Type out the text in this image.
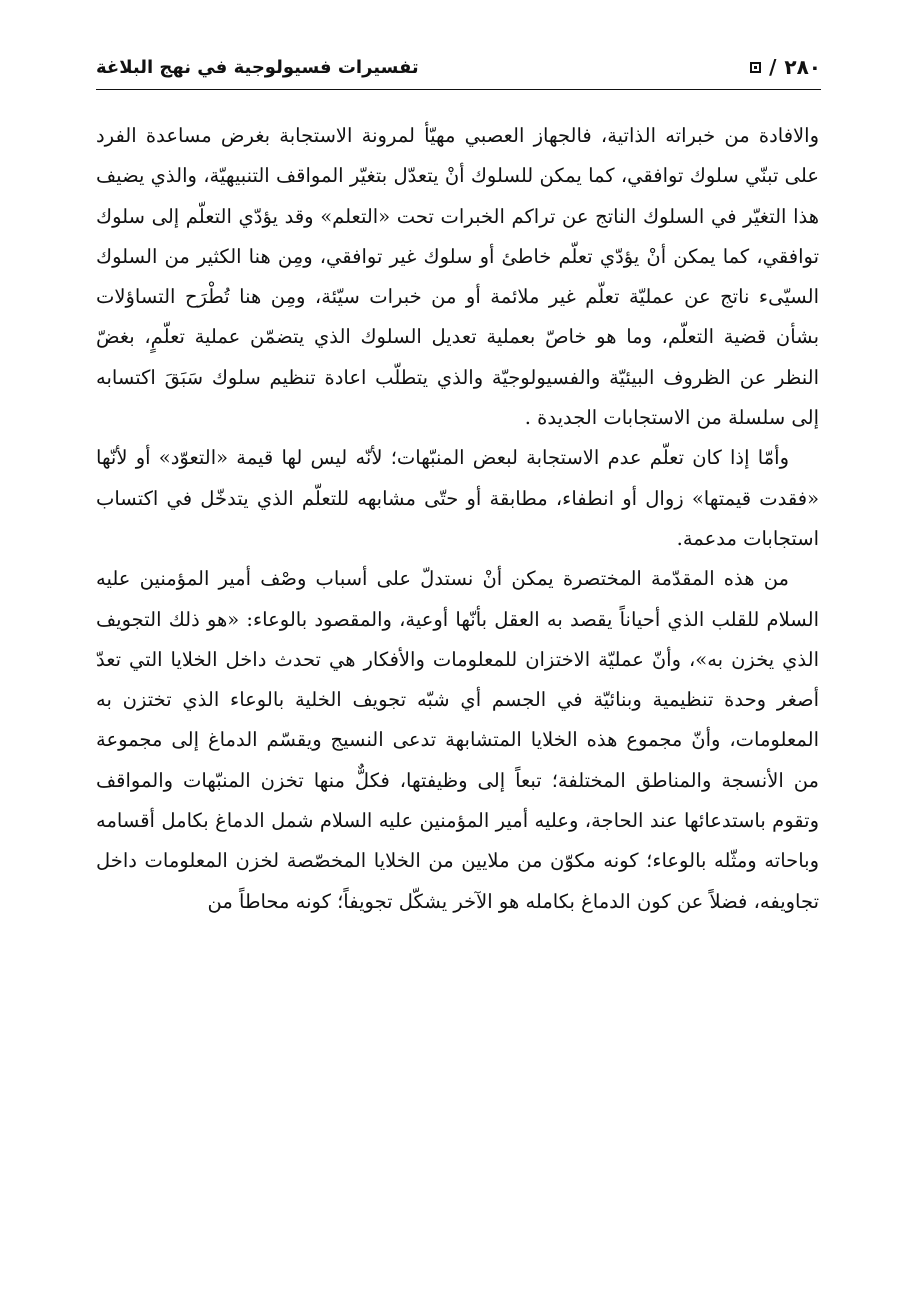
٢٨٠
/
تفسيرات فسيولوجية في نهج البلاغة

والافادة من خبراته الذاتية، فالجهاز العصبي مهيّأ لمرونة الاستجابة بغرض مساعدة الفرد على تبنّي سلوك توافقي، كما يمكن للسلوك أنْ يتعدّل بتغيّر المواقف التنبيهيّة، والذي يضيف هذا التغيّر في السلوك الناتج عن تراكم الخبرات تحت «التعلم» وقد يؤدّي التعلّم إلى سلوك توافقي، كما يمكن أنْ يؤدّي تعلّم خاطئ أو سلوك غير توافقي، ومِن هنا الكثير من السلوك السيّىء ناتج عن عمليّة تعلّم غير ملائمة أو من خبرات سيّئة، ومِن هنا تُطْرَح التساؤلات بشأن قضية التعلّم، وما هو خاصّ بعملية تعديل السلوك الذي يتضمّن عملية تعلّمٍ، بغضّ النظر عن الظروف البيئيّة والفسيولوجيّة والذي يتطلّب اعادة تنظيم سلوك سَبَقَ اكتسابه إلى سلسلة من الاستجابات الجديدة .

وأمّا إذا كان تعلّم عدم الاستجابة لبعض المنبّهات؛ لأنّه ليس لها قيمة «التعوّد» أو لأنّها «فقدت قيمتها» زوال أو انطفاء، مطابقة أو حتّى مشابهه للتعلّم الذي يتدخّل في اكتساب استجابات مدعمة.

من هذه المقدّمة المختصرة يمكن أنْ نستدلّ على أسباب وصْف أمير المؤمنين عليه السلام للقلب الذي أحياناً يقصد به العقل بأنّها أوعية، والمقصود بالوعاء: «هو ذلك التجويف الذي يخزن به»، وأنّ عمليّة الاختزان للمعلومات والأفكار هي تحدث داخل الخلايا التي تعدّ أصغر وحدة تنظيمية وبنائيّة في الجسم أي شبّه تجويف الخلية بالوعاء الذي تختزن به المعلومات، وأنّ مجموع هذه الخلايا المتشابهة تدعى النسيج ويقسّم الدماغ إلى مجموعة من الأنسجة والمناطق المختلفة؛ تبعاً إلى وظيفتها، فكلٌّ منها تخزن المنبّهات والمواقف وتقوم باستدعائها عند الحاجة، وعليه أمير المؤمنين عليه السلام شمل الدماغ بكامل أقسامه وباحاته ومثّله بالوعاء؛ كونه مكوّن من ملايين من الخلايا المخصّصة لخزن المعلومات داخل تجاويفه، فضلاً عن كون الدماغ بكامله هو الآخر يشكّل تجويفاً؛ كونه محاطاً من
